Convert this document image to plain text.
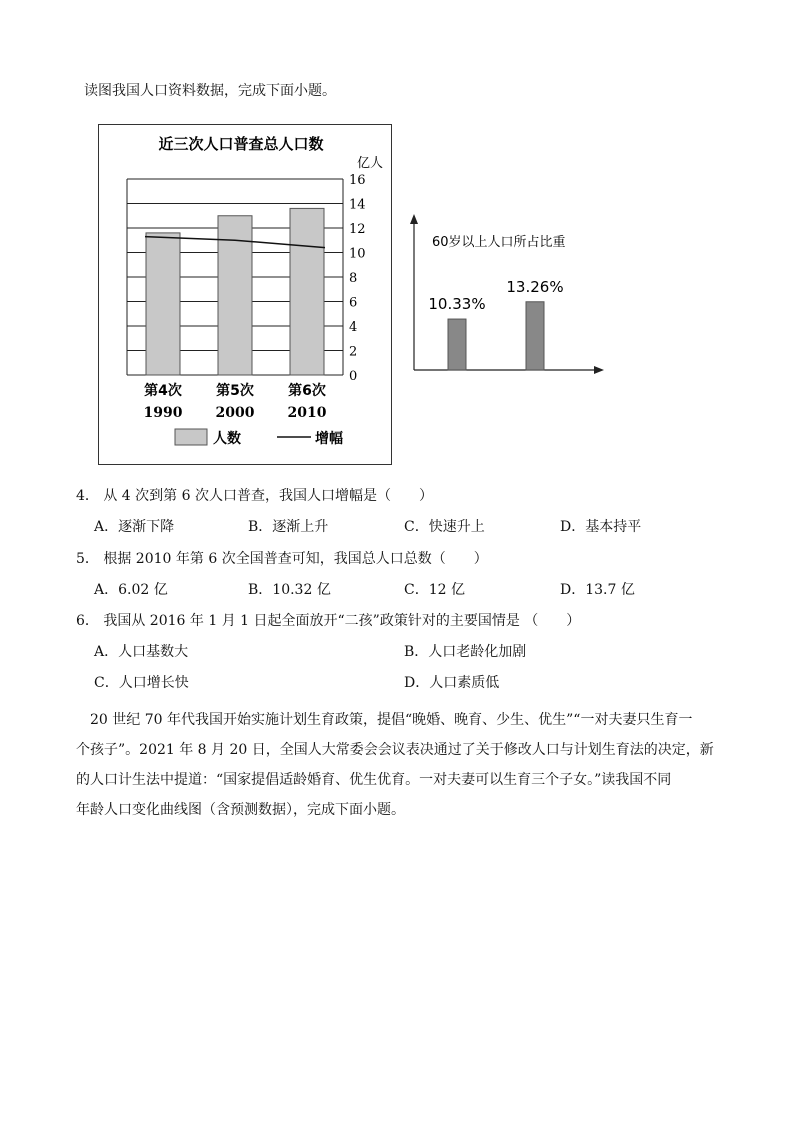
读图我国人口资料数据，完成下面小题。
近三次人口普查总人口数
亿人
0
2
4
6
8
10
12
14
16
第4次
1990
第5次
2000
第6次
2010
人数	增幅
60岁以上人口所占比重
10.33%
13.26%
4． 从 4 次到第 6 次人口普查，我国人口增幅是（　　）
A．逐渐下降	B．逐渐上升	C．快速升上	D．基本持平
5． 根据 2010 年第 6 次全国普查可知，我国总人口总数（　　）
A．6.02 亿	B．10.32 亿	C．12 亿	D．13.7 亿
6． 我国从 2016 年 1 月 1 日起全面放开“二孩”政策针对的主要国情是 （　　）
A．人口基数大	B．人口老龄化加剧
C．人口增长快	D．人口素质低
20 世纪 70 年代我国开始实施计划生育政策，提倡“晚婚、晚育、少生、优生”“一对夫妻只生育一
个孩子”。2021 年 8 月 20 日，全国人大常委会会议表决通过了关于修改人口与计划生育法的决定，新
的人口计生法中提道：“国家提倡适龄婚育、优生优育。一对夫妻可以生育三个子女。”读我国不同
年龄人口变化曲线图（含预测数据），完成下面小题。
